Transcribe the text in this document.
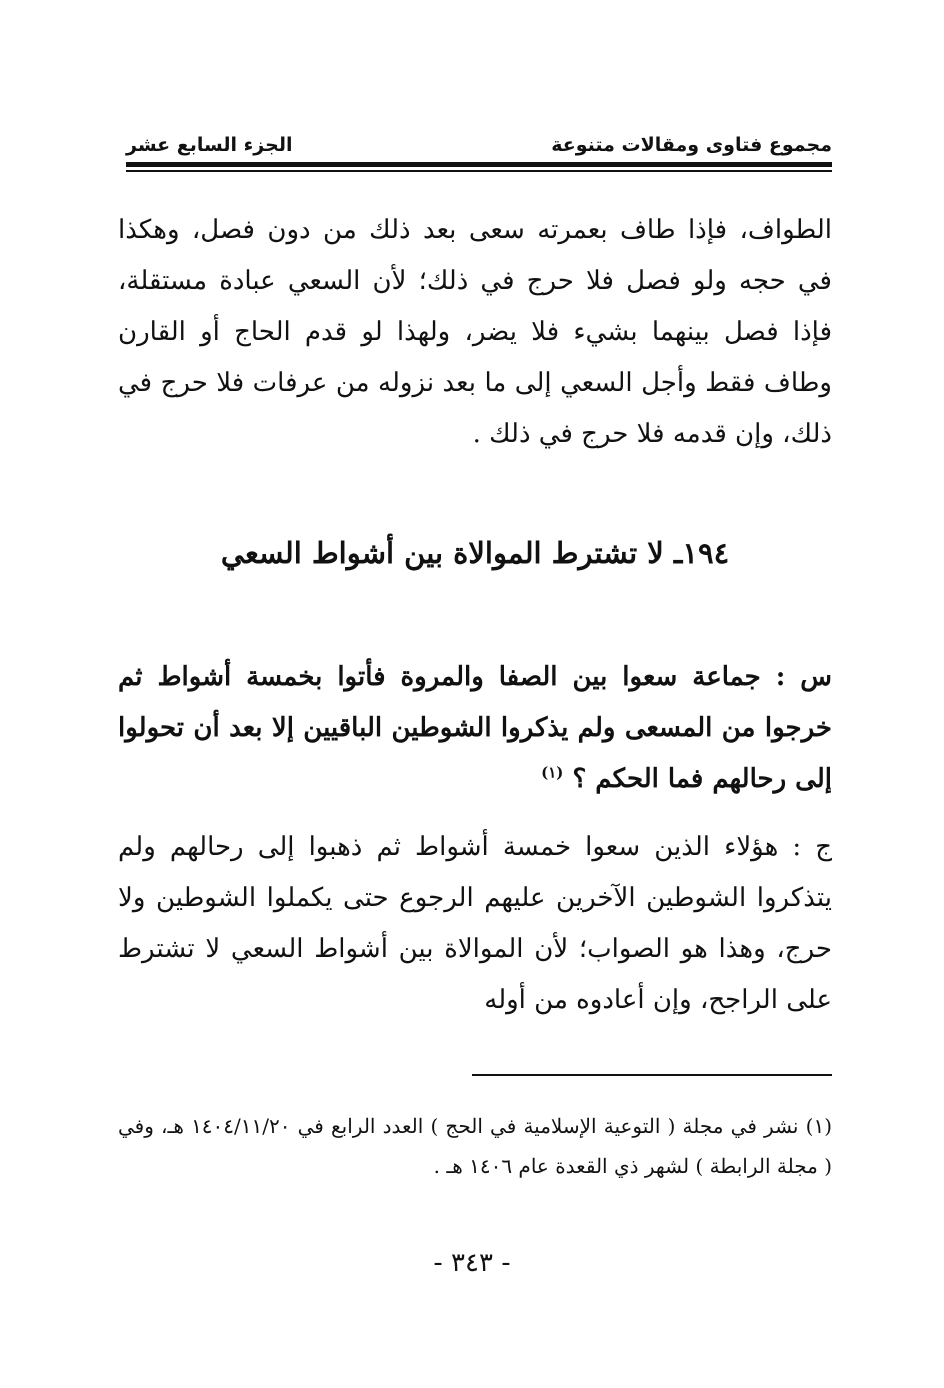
مجموع فتاوى ومقالات متنوعة
الجزء السابع عشر

الطواف، فإذا طاف بعمرته سعى بعد ذلك من دون فصل، وهكذا في حجه ولو فصل فلا حرج في ذلك؛ لأن السعي عبادة مستقلة، فإذا فصل بينهما بشيء فلا يضر، ولهذا لو قدم الحاج أو القارن وطاف فقط وأجل السعي إلى ما بعد نزوله من عرفات فلا حرج في ذلك، وإن قدمه فلا حرج في ذلك .

١٩٤ـ لا تشترط الموالاة بين أشواط السعي

س : جماعة سعوا بين الصفا والمروة فأتوا بخمسة أشواط ثم خرجوا من المسعى ولم يذكروا الشوطين الباقيين إلا بعد أن تحولوا إلى رحالهم فما الحكم ؟ $^{(١)}$

ج : هؤلاء الذين سعوا خمسة أشواط ثم ذهبوا إلى رحالهم ولم يتذكروا الشوطين الآخرين عليهم الرجوع حتى يكملوا الشوطين ولا حرج، وهذا هو الصواب؛ لأن الموالاة بين أشواط السعي لا تشترط على الراجح، وإن أعادوه من أوله

(١) نشر في مجلة ( التوعية الإسلامية في الحج ) العدد الرابع في ١٤٠٤/١١/٢٠ هـ، وفي ( مجلة الرابطة ) لشهر ذي القعدة عام ١٤٠٦ هـ .

- ٣٤٣ -
